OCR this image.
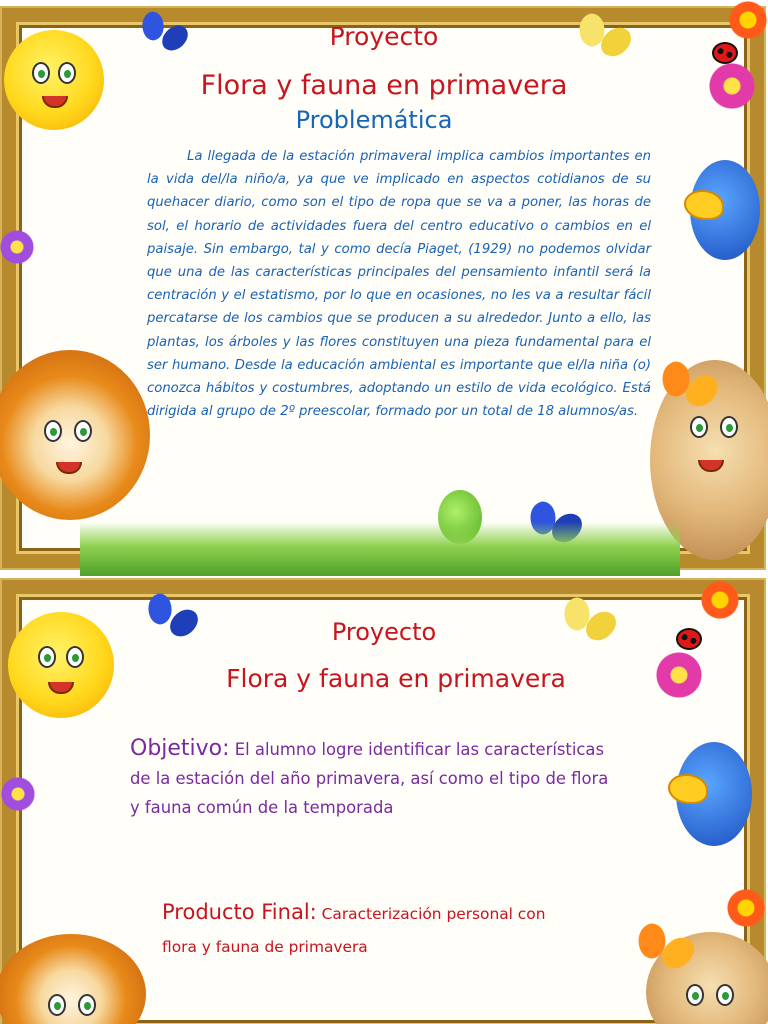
Proyecto
Flora y fauna en primavera
Problemática
La llegada de la estación primaveral implica cambios importantes en la vida del/la niño/a, ya que ve implicado en aspectos cotidianos de su quehacer diario, como son el tipo de ropa que se va a poner, las horas de sol, el horario de actividades fuera del centro educativo o cambios en el paisaje. Sin embargo, tal y como decía Piaget, (1929) no podemos olvidar que una de las características principales del pensamiento infantil será la centración y el estatismo, por lo que en ocasiones, no les va a resultar fácil percatarse de los cambios que se producen a su alrededor. Junto a ello, las plantas, los árboles y las flores constituyen una pieza fundamental para el ser humano. Desde la educación ambiental es importante que el/la niña (o) conozca hábitos y costumbres, adoptando un estilo de vida ecológico. Está dirigida al grupo de 2º preescolar, formado por un total de 18 alumnos/as.
Proyecto
Flora y fauna en primavera
Objetivo: El alumno logre identificar las características de la estación del año primavera, así como el tipo de flora y fauna común de la temporada
Producto Final: Caracterización personal con flora y fauna de primavera
